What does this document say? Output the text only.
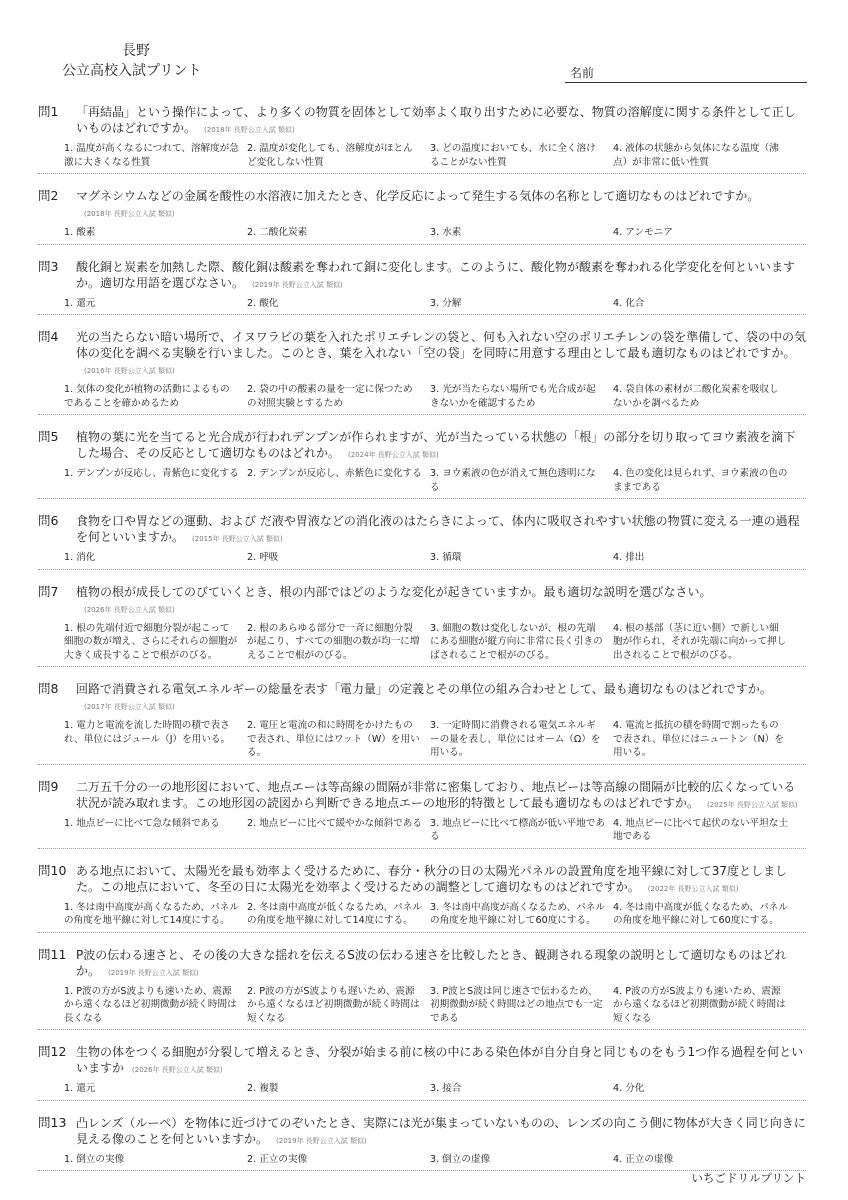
長野
公立高校入試プリント	名前
問1	「再結晶」という操作によって、より多くの物質を固体として効率よく取り出すために必要な、物質の溶解度に関する条件として正しいものはどれですか。 (2018年 長野公立入試 類似)
1. 温度が高くなるにつれて、溶解度が急激に大きくなる性質
2. 温度が変化しても、溶解度がほとんど変化しない性質
3. どの温度においても、水に全く溶けることがない性質
4. 液体の状態から気体になる温度（沸点）が非常に低い性質
問2	マグネシウムなどの金属を酸性の水溶液に加えたとき、化学反応によって発生する気体の名称として適切なものはどれですか。(2018年 長野公立入試 類似)
1. 酸素	2. 二酸化炭素	3. 水素	4. アンモニア
問3	酸化銅と炭素を加熱した際、酸化銅は酸素を奪われて銅に変化します。このように、酸化物が酸素を奪われる化学変化を何といいますか。適切な用語を選びなさい。 (2019年 長野公立入試 類似)
1. 還元	2. 酸化	3. 分解	4. 化合
問4	光の当たらない暗い場所で、イヌワラビの葉を入れたポリエチレンの袋と、何も入れない空のポリエチレンの袋を準備して、袋の中の気体の変化を調べる実験を行いました。このとき、葉を入れない「空の袋」を同時に用意する理由として最も適切なものはどれですか。(2016年 長野公立入試 類似)
1. 気体の変化が植物の活動によるものであることを確かめるため
2. 袋の中の酸素の量を一定に保つための対照実験とするため
3. 光が当たらない場所でも光合成が起きないかを確認するため
4. 袋自体の素材が二酸化炭素を吸収しないかを調べるため
問5	植物の葉に光を当てると光合成が行われデンプンが作られますが、光が当たっている状態の「根」の部分を切り取ってヨウ素液を滴下した場合、その反応として適切なものはどれか。 (2024年 長野公立入試 類似)
1. デンプンが反応し、青紫色に変化する 2. デンプンが反応し、赤紫色に変化する 3. ヨウ素液の色が消えて無色透明になる
4. 色の変化は見られず、ヨウ素液の色のままである
問6	食物を口や胃などの運動、および だ液や胃液などの消化液のはたらきによって、体内に吸収されやすい状態の物質に変える一連の過程を何といいますか。 (2015年 長野公立入試 類似)
1. 消化	2. 呼吸	3. 循環	4. 排出
問7	植物の根が成長してのびていくとき、根の内部ではどのような変化が起きていますか。最も適切な説明を選びなさい。(2026年 長野公立入試 類似)
1. 根の先端付近で細胞分裂が起こって細胞の数が増え、さらにそれらの細胞が大きく成長することで根がのびる。
2. 根のあらゆる部分で一斉に細胞分裂が起こり、すべての細胞の数が均一に増えることで根がのびる。
3. 細胞の数は変化しないが、根の先端にある細胞が縦方向に非常に長く引きのばされることで根がのびる。
4. 根の基部（茎に近い側）で新しい細胞が作られ、それが先端に向かって押し出されることで根がのびる。
問8	回路で消費される電気エネルギーの総量を表す「電力量」の定義とその単位の組み合わせとして、最も適切なものはどれですか。(2017年 長野公立入試 類似)
1. 電力と電流を流した時間の積で表され、単位にはジュール（J）を用いる。
2. 電圧と電流の和に時間をかけたもので表され、単位にはワット（W）を用いる。
3. 一定時間に消費される電気エネルギーの量を表し、単位にはオーム（Ω）を用いる。
4. 電流と抵抗の積を時間で割ったもので表され、単位にはニュートン（N）を用いる。
問9	二万五千分の一の地形図において、地点エーは等高線の間隔が非常に密集しており、地点ビーは等高線の間隔が比較的広くなっている状況が読み取れます。この地形図の読図から判断できる地点エーの地形的特徴として最も適切なものはどれですか。 (2025年 長野公立入試 類似)
1. 地点ビーに比べて急な傾斜である	2. 地点ビーに比べて緩やかな傾斜である 3. 地点ビーに比べて標高が低い平地である
4. 地点ビーに比べて起伏のない平坦な土地である
問10 ある地点において、太陽光を最も効率よく受けるために、春分・秋分の日の太陽光パネルの設置角度を地平線に対して37度としました。この地点において、冬至の日に太陽光を効率よく受けるための調整として適切なものはどれですか。 (2022年 長野公立入試 類似)
1. 冬は南中高度が高くなるため、パネルの角度を地平線に対して14度にする。
2. 冬は南中高度が低くなるため、パネルの角度を地平線に対して14度にする。
3. 冬は南中高度が高くなるため、パネルの角度を地平線に対して60度にする。
4. 冬は南中高度が低くなるため、パネルの角度を地平線に対して60度にする。
問11 P波の伝わる速さと、その後の大きな揺れを伝えるS波の伝わる速さを比較したとき、観測される現象の説明として適切なものはどれか。 (2019年 長野公立入試 類似)
1. P波の方がS波よりも速いため、震源から遠くなるほど初期微動が続く時間は長くなる
2. P波の方がS波よりも遅いため、震源から遠くなるほど初期微動が続く時間は短くなる
3. P波とS波は同じ速さで伝わるため、初期微動が続く時間はどの地点でも一定である
4. P波の方がS波よりも速いため、震源から遠くなるほど初期微動が続く時間は短くなる
問12 生物の体をつくる細胞が分裂して増えるとき、分裂が始まる前に核の中にある染色体が自分自身と同じものをもう1つ作る過程を何といいますか (2026年 長野公立入試 類似)
1. 還元	2. 複製	3. 接合	4. 分化
問13 凸レンズ（ルーペ）を物体に近づけてのぞいたとき、実際には光が集まっていないものの、レンズの向こう側に物体が大きく同じ向きに見える像のことを何といいますか。 (2019年 長野公立入試 類似)
1. 倒立の実像	2. 正立の実像	3. 倒立の虚像	4. 正立の虚像
いちごドリルプリント
